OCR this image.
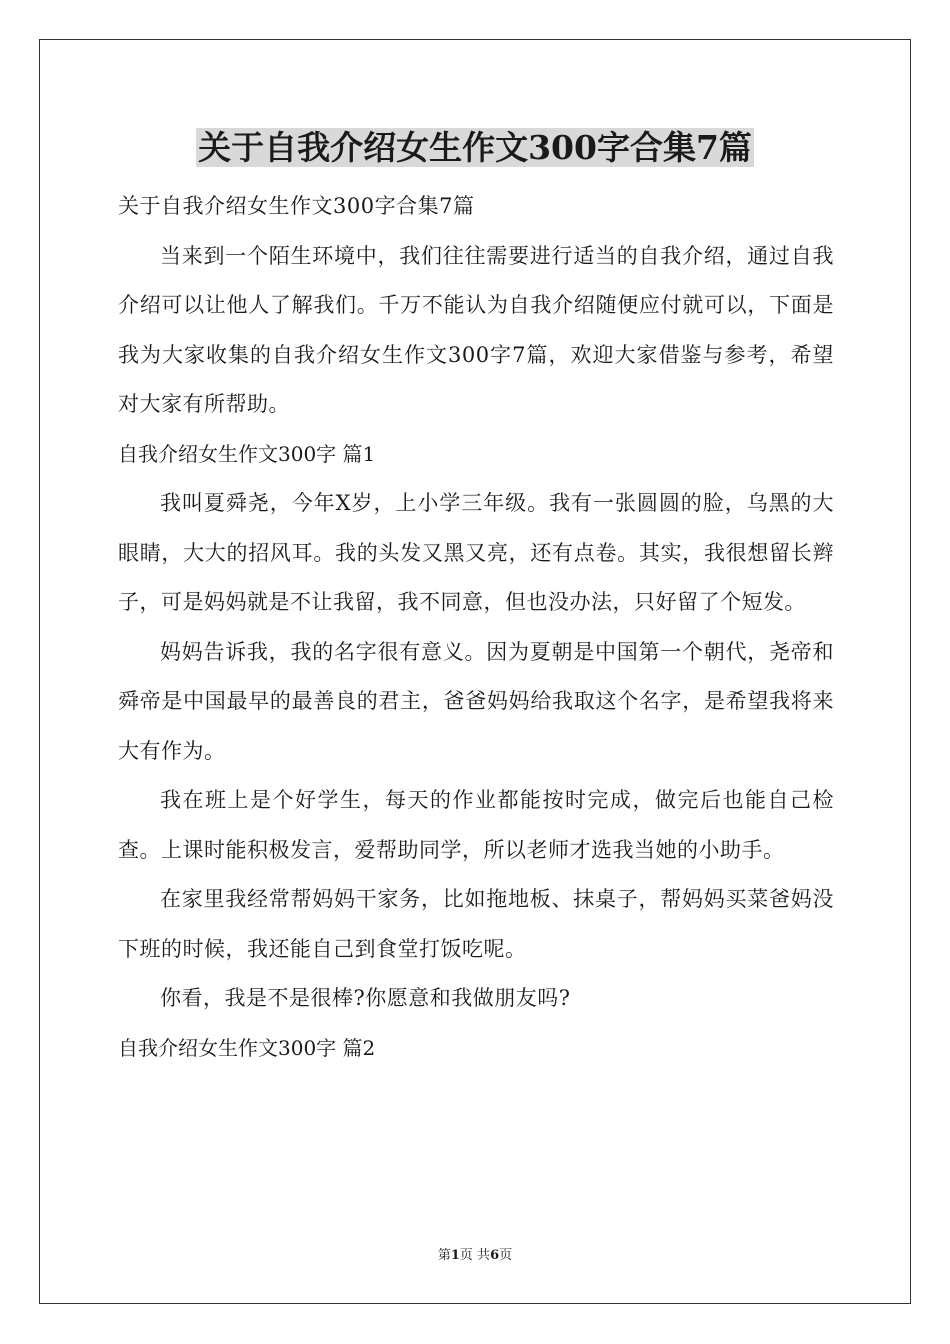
关于自我介绍女生作文300字合集7篇

关于自我介绍女生作文300字合集7篇

当来到一个陌生环境中，我们往往需要进行适当的自我介绍，通过自我介绍可以让他人了解我们。千万不能认为自我介绍随便应付就可以，下面是我为大家收集的自我介绍女生作文300字7篇，欢迎大家借鉴与参考，希望对大家有所帮助。

自我介绍女生作文300字 篇1

我叫夏舜尧，今年X岁，上小学三年级。我有一张圆圆的脸，乌黑的大眼睛，大大的招风耳。我的头发又黑又亮，还有点卷。其实，我很想留长辫子，可是妈妈就是不让我留，我不同意，但也没办法，只好留了个短发。

妈妈告诉我，我的名字很有意义。因为夏朝是中国第一个朝代，尧帝和舜帝是中国最早的最善良的君主，爸爸妈妈给我取这个名字，是希望我将来大有作为。

我在班上是个好学生，每天的作业都能按时完成，做完后也能自己检查。上课时能积极发言，爱帮助同学，所以老师才选我当她的小助手。

在家里我经常帮妈妈干家务，比如拖地板、抹桌子，帮妈妈买菜爸妈没下班的时候，我还能自己到食堂打饭吃呢。

你看，我是不是很棒?你愿意和我做朋友吗?

自我介绍女生作文300字 篇2

第1页 共6页
